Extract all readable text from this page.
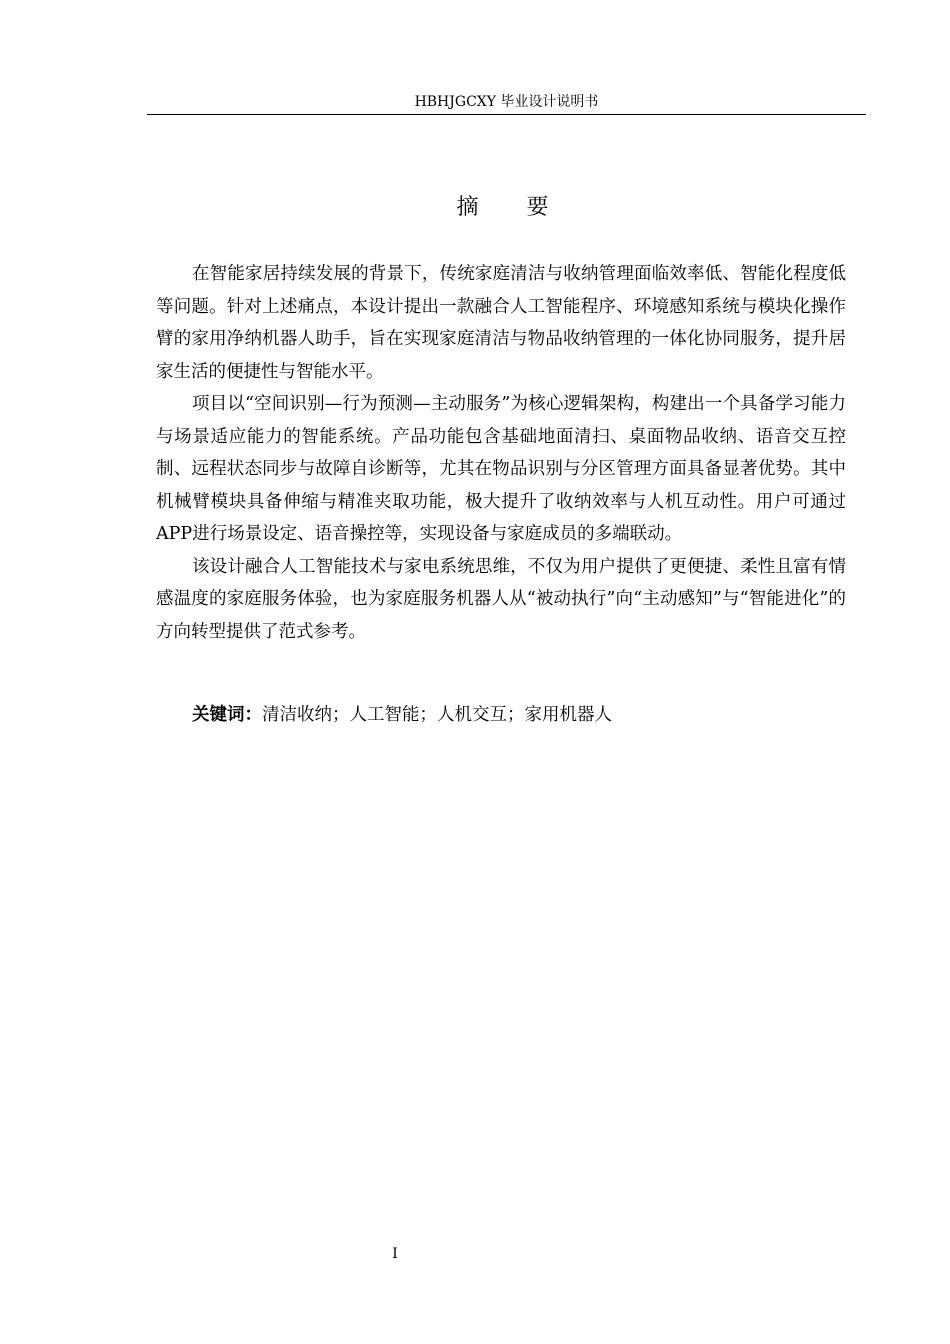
HBHJGCXY 毕业设计说明书
摘 要

在智能家居持续发展的背景下，传统家庭清洁与收纳管理面临效率低、智能化程度低等问题。针对上述痛点，本设计提出一款融合人工智能程序、环境感知系统与模块化操作臂的家用净纳机器人助手，旨在实现家庭清洁与物品收纳管理的一体化协同服务，提升居家生活的便捷性与智能水平。

项目以“空间识别—行为预测—主动服务”为核心逻辑架构，构建出一个具备学习能力与场景适应能力的智能系统。产品功能包含基础地面清扫、桌面物品收纳、语音交互控制、远程状态同步与故障自诊断等，尤其在物品识别与分区管理方面具备显著优势。其中机械臂模块具备伸缩与精准夹取功能，极大提升了收纳效率与人机互动性。用户可通过APP进行场景设定、语音操控等，实现设备与家庭成员的多端联动。

该设计融合人工智能技术与家电系统思维，不仅为用户提供了更便捷、柔性且富有情感温度的家庭服务体验，也为家庭服务机器人从“被动执行”向“主动感知”与“智能进化”的方向转型提供了范式参考。

关键词：清洁收纳；人工智能；人机交互；家用机器人
I
